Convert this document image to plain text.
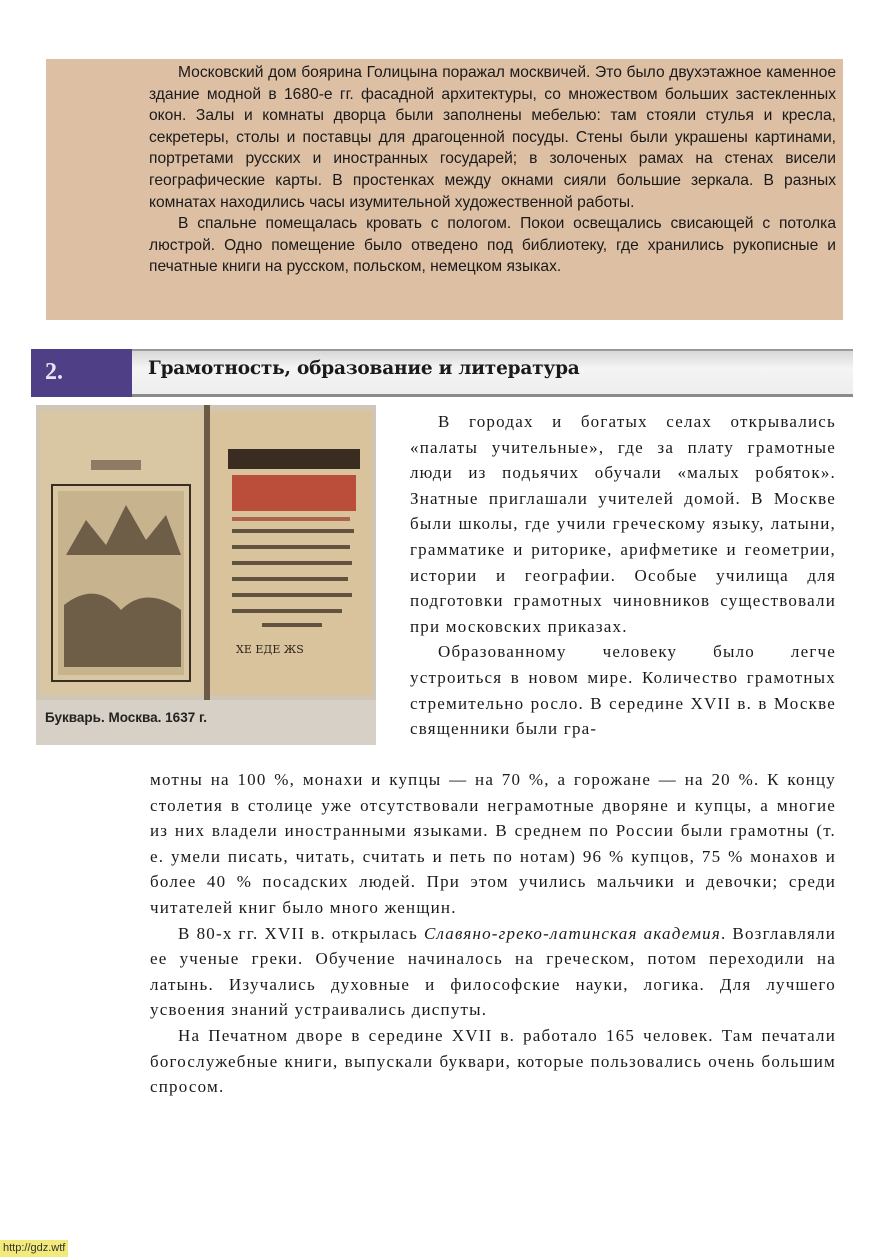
Московский дом боярина Голицына поражал москвичей. Это было двухэтажное каменное здание модной в 1680-е гг. фасадной архитектуры, со множеством больших застекленных окон. Залы и комнаты дворца были заполнены мебелью: там стояли стулья и кресла, секретеры, столы и поставцы для драгоценной посуды. Стены были украшены картинами, портретами русских и иностранных государей; в золоченых рамах на стенах висели географические карты. В простенках между окнами сияли большие зеркала. В разных комнатах находились часы изумительной художественной работы.

В спальне помещалась кровать с пологом. Покои освещались свисающей с потолка люстрой. Одно помещение было отведено под библиотеку, где хранились рукописные и печатные книги на русском, польском, немецком языках.

2.	Грамотность, образование и литература
ХЕ ЕДЕ ЖЅ
Букварь. Москва. 1637 г.

В городах и богатых селах открывались «палаты учительные», где за плату грамотные люди из подьячих обучали «малых робяток». Знатные приглашали учителей домой. В Москве были школы, где учили греческому языку, латыни, грамматике и риторике, арифметике и геометрии, истории и географии. Особые училища для подготовки грамотных чиновников существовали при московских приказах.

Образованному человеку было легче устроиться в новом мире. Количество грамотных стремительно росло. В середине XVII в. в Москве священники были гра-

мотны на 100 %, монахи и купцы — на 70 %, а горожане — на 20 %. К концу столетия в столице уже отсутствовали неграмотные дворяне и купцы, а многие из них владели иностранными языками. В среднем по России были грамотны (т. е. умели писать, читать, считать и петь по нотам) 96 % купцов, 75 % монахов и более 40 % посадских людей. При этом учились мальчики и девочки; среди читателей книг было много женщин.

В 80-х гг. XVII в. открылась Славяно-греко-латинская академия. Возглавляли ее ученые греки. Обучение начиналось на греческом, потом переходили на латынь. Изучались духовные и философские науки, логика. Для лучшего усвоения знаний устраивались диспуты.

На Печатном дворе в середине XVII в. работало 165 человек. Там печатали богослужебные книги, выпускали буквари, которые пользовались очень большим спросом.

http://gdz.wtf
